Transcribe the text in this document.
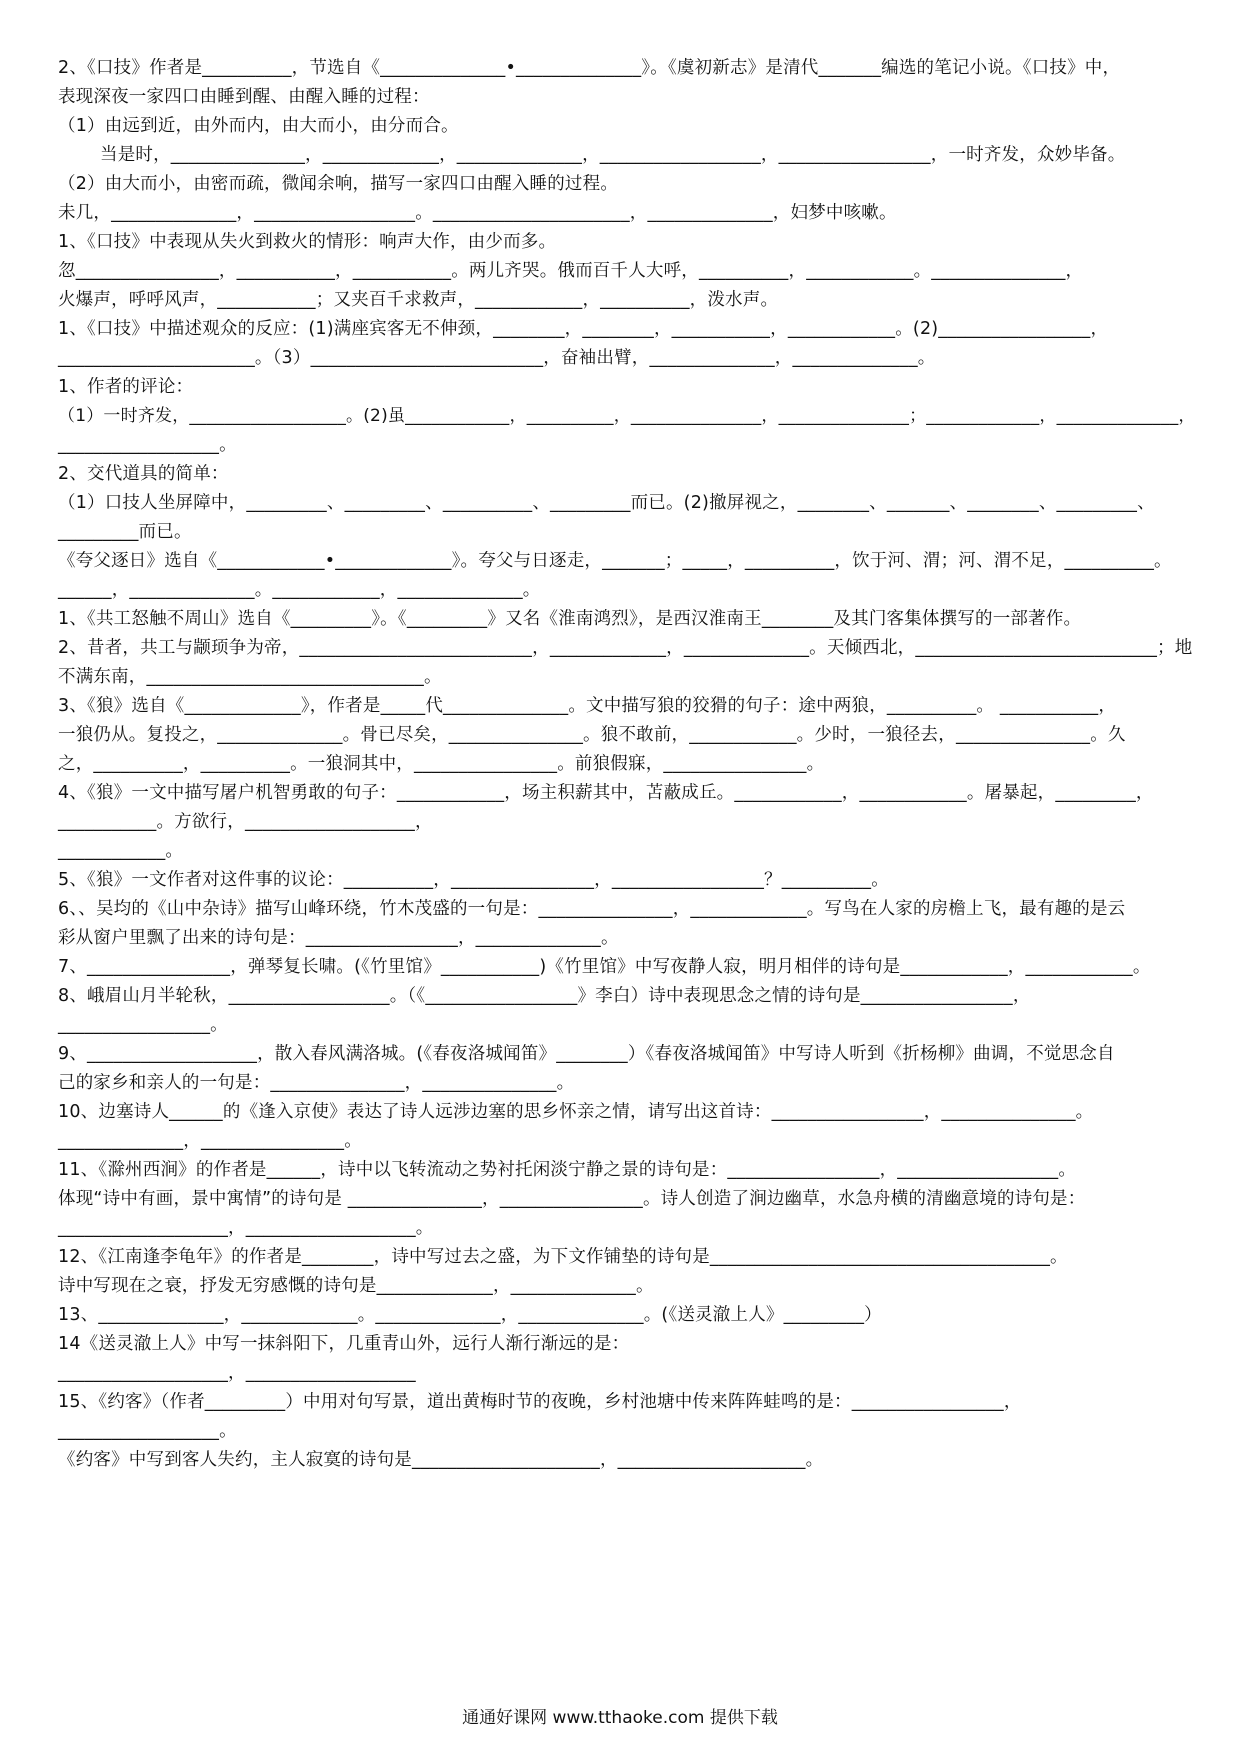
2、《口技》作者是__________，节选自《______________•______________》。《虞初新志》是清代_______编选的笔记小说。《口技》中，
表现深夜一家四口由睡到醒、由醒入睡的过程：
（1）由远到近，由外而内，由大而小，由分而合。
当是时，_______________，_____________，______________，__________________，_________________，一时齐发，众妙毕备。
（2）由大而小，由密而疏，微闻余响，描写一家四口由醒入睡的过程。
未几，______________，__________________。______________________，______________，妇梦中咳嗽。
1、《口技》中表现从失火到救火的情形：响声大作，由少而多。
忽________________，___________，___________。两儿齐哭。俄而百千人大呼，__________，____________。_______________，
火爆声，呼呼风声，___________；又夹百千求救声，____________，__________，泼水声。
1、《口技》中描述观众的反应：(1)满座宾客无不伸颈，________，________，___________，____________。(2)_________________，
______________________。（3）__________________________，奋袖出臂，______________，______________。
1、作者的评论：
（1）一时齐发，__________________。(2)虽____________，__________，_______________，_______________；_____________，______________，
__________________。
2、交代道具的简单：
（1）口技人坐屏障中，_________、_________、__________、_________而已。(2)撤屏视之，________、_______、________、_________、
_________而已。
《夸父逐日》选自《____________•_____________》。夸父与日逐走，_______；_____，__________，饮于河、渭；河、渭不足，__________。
______，______________。____________，______________。
1、《共工怒触不周山》选自《_________》。《_________》又名《淮南鸿烈》，是西汉淮南王________及其门客集体撰写的一部著作。
2、昔者，共工与颛顼争为帝，__________________________，_____________，______________。天倾西北，___________________________；地
不满东南，_______________________________。
3、《狼》选自《_____________》，作者是_____代______________。文中描写狼的狡猾的句子：途中两狼，__________。 ___________，
一狼仍从。复投之，______________。骨已尽矣，_______________。狼不敢前，____________。少时，一狼径去，_______________。久
之，__________，__________。一狼洞其中，________________。前狼假寐，________________。
4、《狼》一文中描写屠户机智勇敢的句子：____________，场主积薪其中，苫蔽成丘。____________，____________。屠暴起，_________，
___________。方欲行，___________________，
____________。
5、《狼》一文作者对这件事的议论：__________，________________，_________________？__________。
6、、吴均的《山中杂诗》描写山峰环绕，竹木茂盛的一句是：_______________，_____________。写鸟在人家的房檐上飞，最有趣的是云
彩从窗户里飘了出来的诗句是：_________________，______________。
7、________________，弹琴复长啸。(《竹里馆》___________)《竹里馆》中写夜静人寂，明月相伴的诗句是____________，____________。
8、峨眉山月半轮秋，__________________。（《_________________》李白）诗中表现思念之情的诗句是_________________，
_________________。
9、___________________，散入春风满洛城。(《春夜洛城闻笛》________）《春夜洛城闻笛》中写诗人听到《折杨柳》曲调，不觉思念自
己的家乡和亲人的一句是：_______________，_______________。
10、边塞诗人______的《逢入京使》表达了诗人远涉边塞的思乡怀亲之情，请写出这首诗：_________________，_______________。
______________，________________。
11、《滁州西涧》的作者是______，诗中以飞转流动之势衬托闲淡宁静之景的诗句是：_________________，__________________。
体现“诗中有画，景中寓情”的诗句是 _______________，________________。诗人创造了涧边幽草，水急舟横的清幽意境的诗句是：
___________________，___________________。
12、《江南逢李龟年》的作者是________，诗中写过去之盛，为下文作铺垫的诗句是______________________________________。
诗中写现在之衰，抒发无穷感慨的诗句是_____________，______________。
13、______________，_____________。______________，______________。(《送灵澈上人》_________）
14《送灵澈上人》中写一抹斜阳下，几重青山外，远行人渐行渐远的是：
___________________，___________________
15、《约客》（作者_________）中用对句写景，道出黄梅时节的夜晚，乡村池塘中传来阵阵蛙鸣的是：_________________，
__________________。
《约客》中写到客人失约，主人寂寞的诗句是_____________________，_____________________。
通通好课网 www.tthaoke.com 提供下载
